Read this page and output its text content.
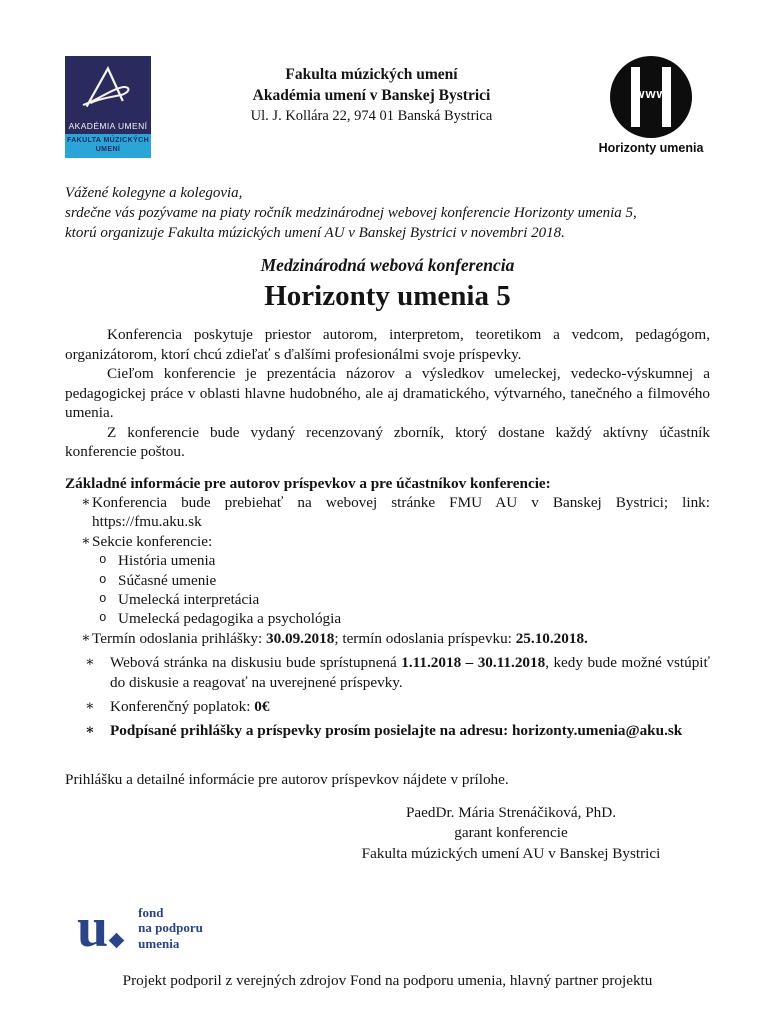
AKADÉMIA UMENÍ
FAKULTA MÚZICKÝCH
UMENÍ
Fakulta múzických umení
Akadémia umení v Banskej Bystrici
Ul. J. Kollára 22, 974 01 Banská Bystrica
www
Horizonty umenia
Vážené kolegyne a kolegovia,
srdečne vás pozývame na piaty ročník medzinárodnej webovej konferencie Horizonty umenia 5,
ktorú organizuje Fakulta múzických umení AU v Banskej Bystrici v novembri 2018.
Medzinárodná webová konferencia
Horizonty umenia 5

Konferencia poskytuje priestor autorom, interpretom, teoretikom a vedcom, pedagógom, organizátorom, ktorí chcú zdieľať s ďalšími profesionálmi svoje príspevky.

Cieľom konferencie je prezentácia názorov a výsledkov umeleckej, vedecko-výskumnej a pedagogickej práce v oblasti hlavne hudobného, ale aj dramatického, výtvarného, tanečného a filmového umenia.

Z konferencie bude vydaný recenzovaný zborník, ktorý dostane každý aktívny účastník konferencie poštou.

Základné informácie pre autorov príspevkov a pre účastníkov konferencie:
∗ Konferencia bude prebiehať na webovej stránke FMU AU v Banskej Bystrici; link: https://fmu.aku.sk
∗ Sekcie konferencie:
o História umenia
o Súčasné umenie
o Umelecká interpretácia
o Umelecká pedagogika a psychológia
∗ Termín odoslania prihlášky: 30.09.2018; termín odoslania príspevku: 25.10.2018.
∗ Webová stránka na diskusiu bude sprístupnená 1.11.2018 – 30.11.2018, kedy bude možné vstúpiť do diskusie a reagovať na uverejnené príspevky.
∗ Konferenčný poplatok: 0€
∗ Podpísané prihlášky a príspevky prosím posielajte na adresu: horizonty.umenia@aku.sk
Prihlášku a detailné informácie pre autorov príspevkov nájdete v prílohe.
PaedDr. Mária Strenáčiková, PhD.
garant konferencie
Fakulta múzických umení AU v Banskej Bystrici
u	fond
na podporu
umenia
Projekt podporil z verejných zdrojov Fond na podporu umenia, hlavný partner projektu
